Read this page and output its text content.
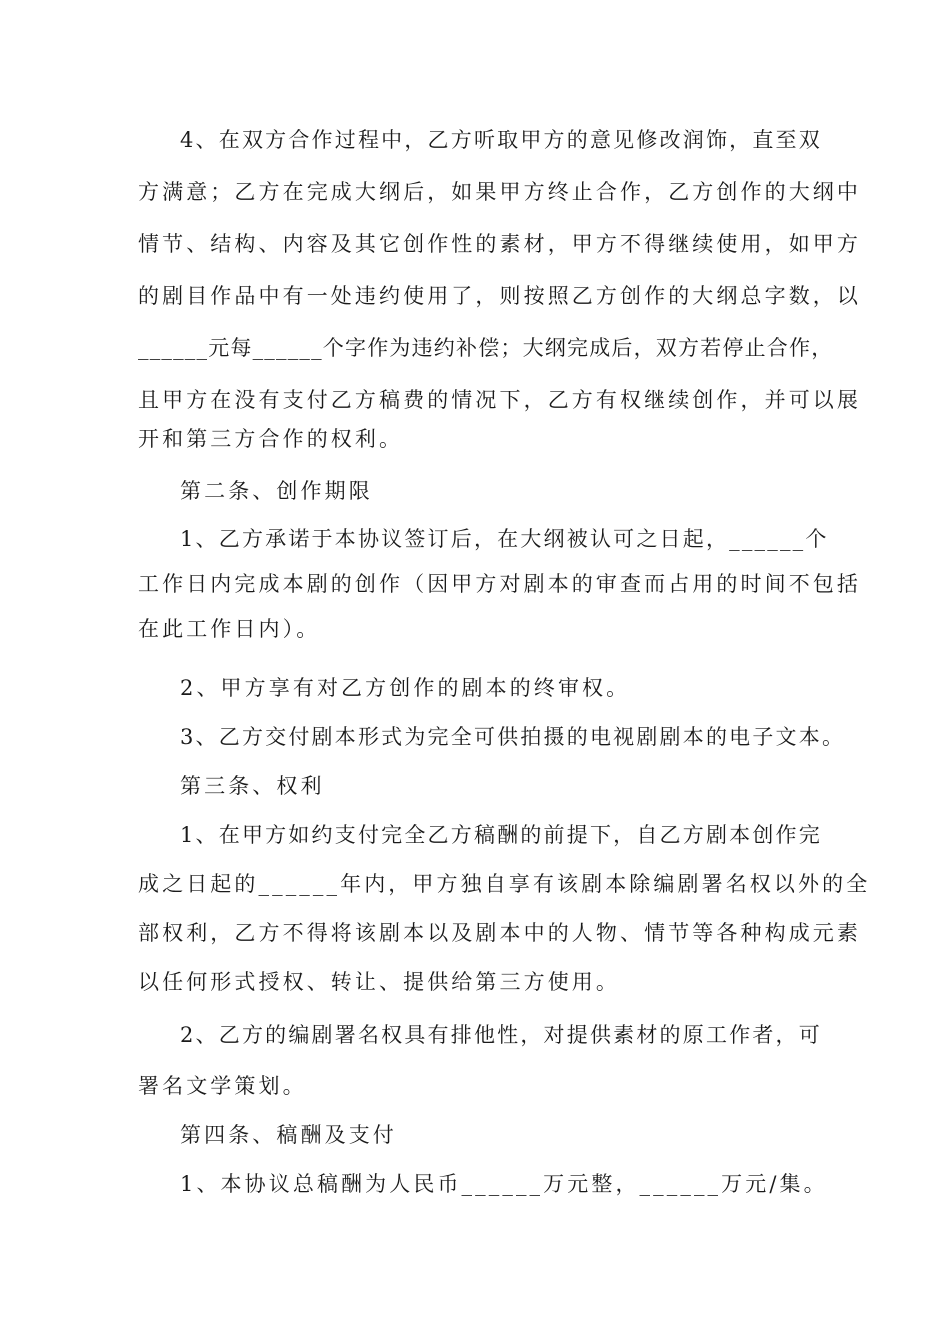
4、在双方合作过程中，乙方听取甲方的意见修改润饰，直至双
方满意；乙方在完成大纲后，如果甲方终止合作，乙方创作的大纲中
情节、结构、内容及其它创作性的素材，甲方不得继续使用，如甲方
的剧目作品中有一处违约使用了，则按照乙方创作的大纲总字数，以
______元每______个字作为违约补偿；大纲完成后，双方若停止合作，
且甲方在没有支付乙方稿费的情况下，乙方有权继续创作，并可以展
开和第三方合作的权利。
第二条、创作期限
1、乙方承诺于本协议签订后，在大纲被认可之日起，______个
工作日内完成本剧的创作（因甲方对剧本的审查而占用的时间不包括
在此工作日内）。
2、甲方享有对乙方创作的剧本的终审权。
3、乙方交付剧本形式为完全可供拍摄的电视剧剧本的电子文本。
第三条、权利
1、在甲方如约支付完全乙方稿酬的前提下，自乙方剧本创作完
成之日起的______年内，甲方独自享有该剧本除编剧署名权以外的全
部权利，乙方不得将该剧本以及剧本中的人物、情节等各种构成元素
以任何形式授权、转让、提供给第三方使用。
2、乙方的编剧署名权具有排他性，对提供素材的原工作者，可
署名文学策划。
第四条、稿酬及支付
1、本协议总稿酬为人民币______万元整，______万元/集。
